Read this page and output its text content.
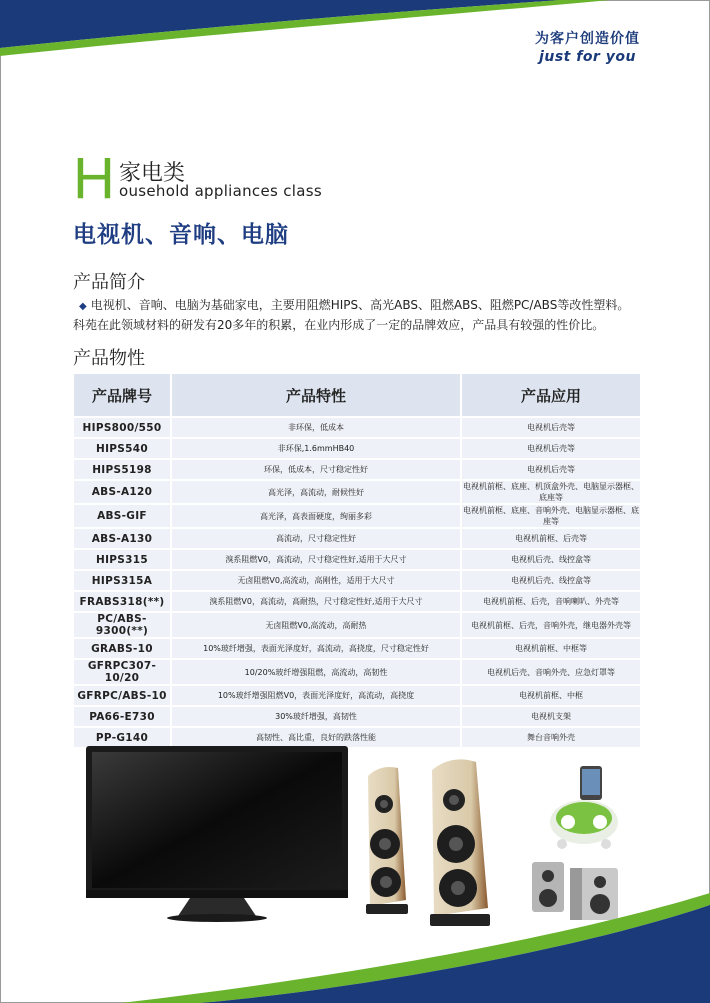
为客户创造价值
just for you
H 家电类
ousehold appliances class
电视机、音响、电脑
产品简介
◆ 电视机、音响、电脑为基础家电，主要用阻燃HIPS、高光ABS、阻燃ABS、阻燃PC/ABS等改性塑料。
科苑在此领域材料的研发有20多年的积累，在业内形成了一定的品牌效应，产品具有较强的性价比。
产品物性
产品牌号	产品特性	产品应用
HIPS800/550	非环保，低成本	电视机后壳等
HIPS540	非环保,1.6mmHB40	电视机后壳等
HIPS5198	环保，低成本，尺寸稳定性好	电视机后壳等
ABS-A120	高光泽，高流动，耐候性好	电视机前框、底座、机顶盒外壳、电脑显示器框、底座等
ABS-GIF	高光泽，高表面硬度，绚丽多彩	电视机前框、底座、音响外壳、电脑显示器框、底座等
ABS-A130	高流动，尺寸稳定性好	电视机前框、后壳等
HIPS315	溴系阻燃V0，高流动，尺寸稳定性好,适用于大尺寸	电视机后壳、线控盒等
HIPS315A	无卤阻燃V0,高流动，高刚性，适用于大尺寸	电视机后壳、线控盒等
FRABS318(**)	溴系阻燃V0，高流动，高耐热，尺寸稳定性好,适用于大尺寸	电视机前框、后壳，音响喇叭、外壳等
PC/ABS-9300(**)	无卤阻燃V0,高流动，高耐热	电视机前框、后壳，音响外壳，继电器外壳等
GRABS-10	10%玻纤增强，表面光泽度好，高流动，高挠度，尺寸稳定性好	电视机前框、中框等
GFRPC307-10/20	10/20%玻纤增强阻燃，高流动，高韧性	电视机后壳、音响外壳、应急灯罩等
GFRPC/ABS-10	10%玻纤增强阻燃V0，表面光泽度好，高流动，高挠度	电视机前框、中框
PA66-E730	30%玻纤增强，高韧性	电视机支架
PP-G140	高韧性、高比重，良好的跌落性能	舞台音响外壳
